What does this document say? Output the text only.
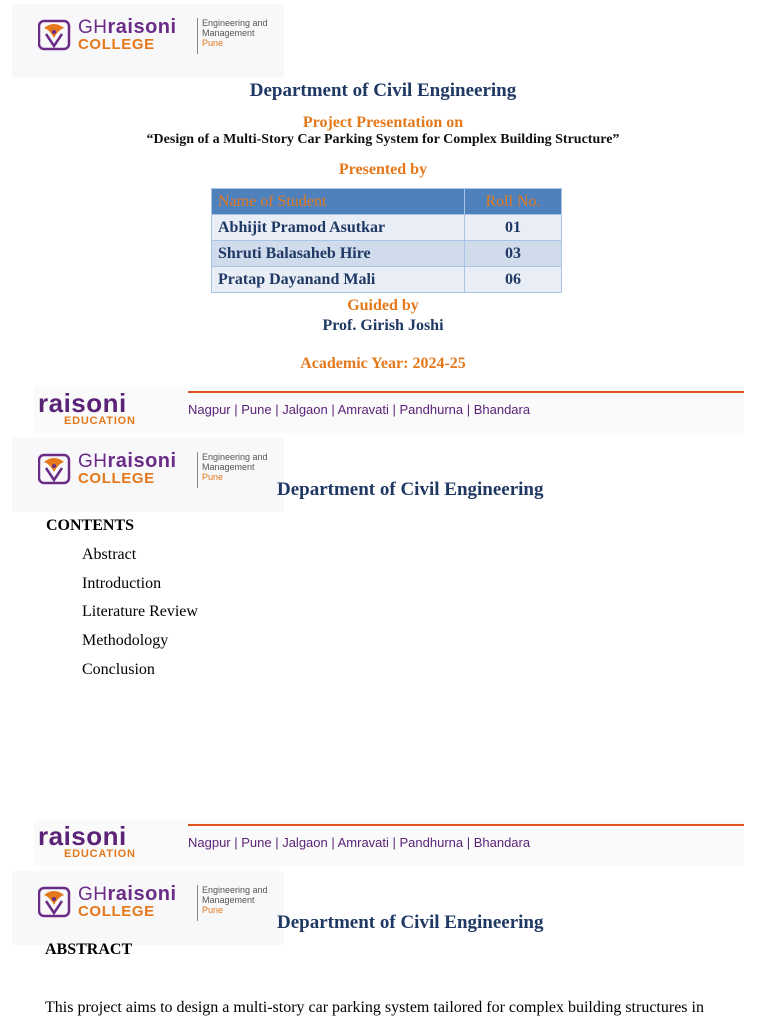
GHraisoni
COLLEGE
Engineering and
Management
Pune
Department of Civil Engineering
Project Presentation on
“Design of a Multi-Story Car Parking System for Complex Building Structure”
Presented by
Name of Student	Roll No.
Abhijit Pramod Asutkar	01
Shruti Balasaheb Hire	03
Pratap Dayanand Mali	06
Guided by
Prof. Girish Joshi
Academic Year: 2024-25
raisoni
EDUCATION
Nagpur | Pune | Jalgaon | Amravati | Pandhurna | Bhandara
GHraisoni
COLLEGE
Engineering and
Management
Pune
Department of Civil Engineering
CONTENTS
Abstract
Introduction
Literature Review
Methodology
Conclusion
raisoni
EDUCATION
Nagpur | Pune | Jalgaon | Amravati | Pandhurna | Bhandara
GHraisoni
COLLEGE
Engineering and
Management
Pune
Department of Civil Engineering
ABSTRACT
This project aims to design a multi-story car parking system tailored for complex building structures in
